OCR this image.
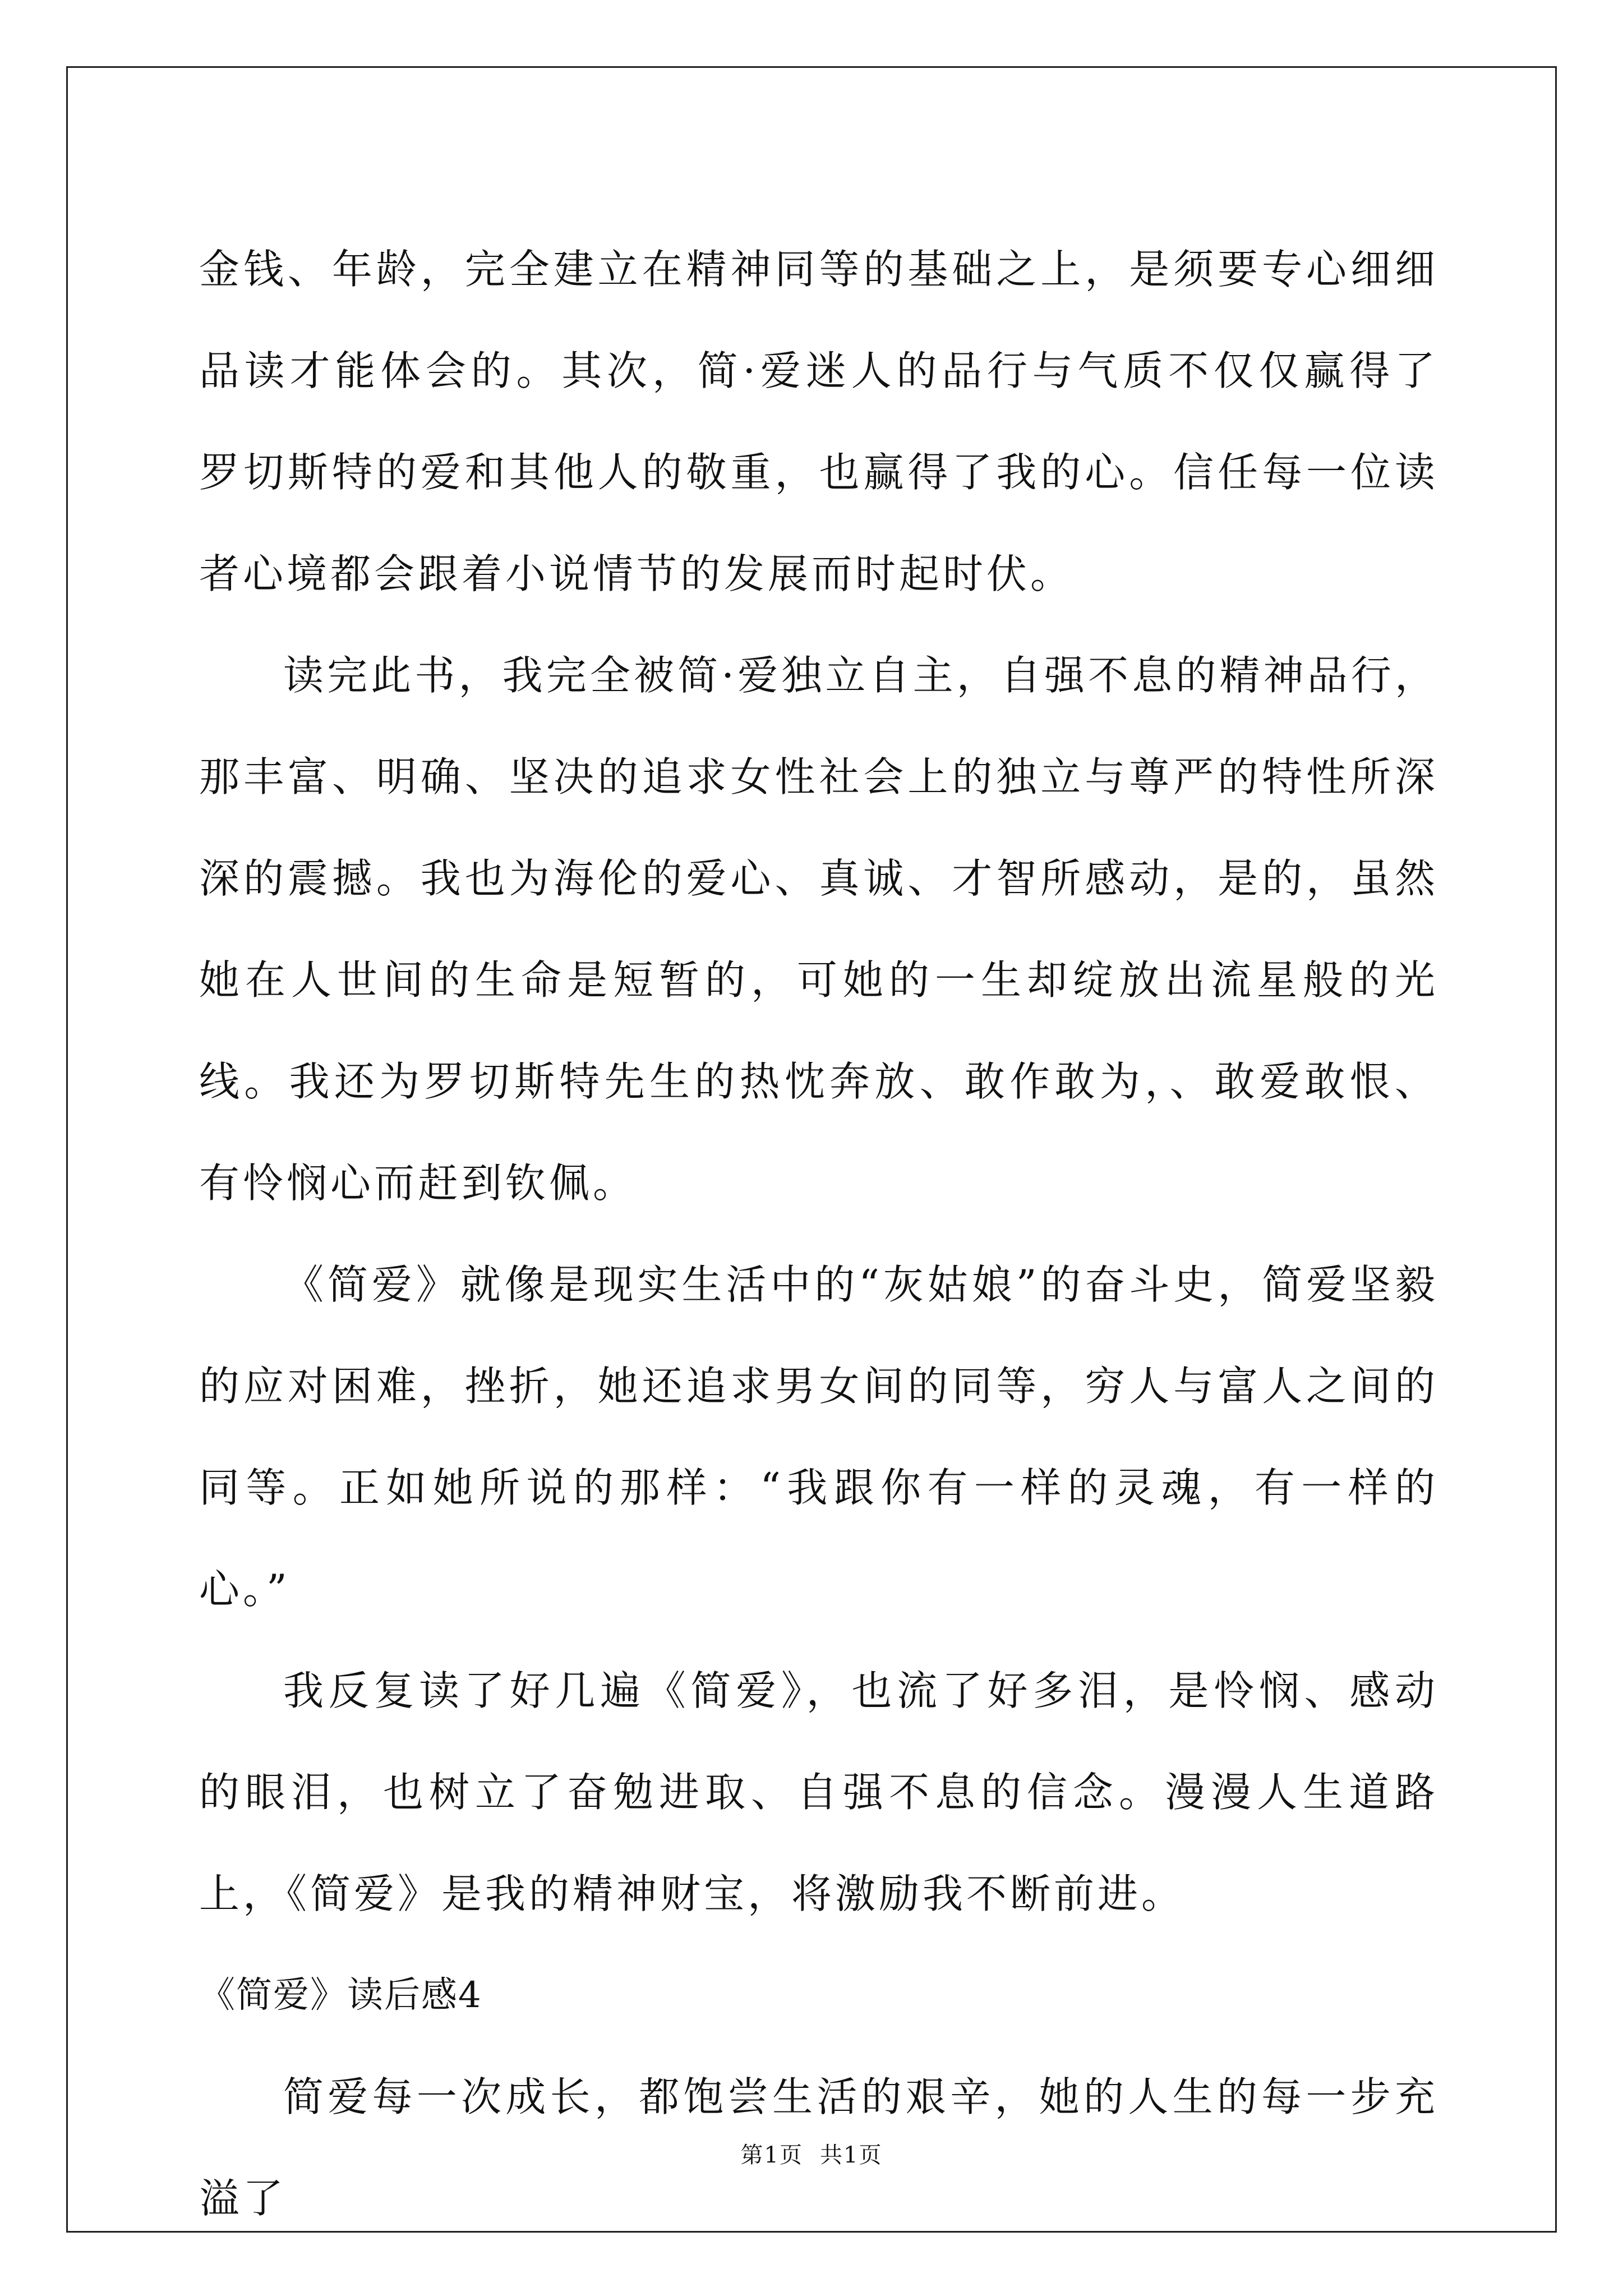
金钱、年龄，完全建立在精神同等的基础之上，是须要专心细细品读才能体会的。其次，简·爱迷人的品行与气质不仅仅赢得了罗切斯特的爱和其他人的敬重，也赢得了我的心。信任每一位读者心境都会跟着小说情节的发展而时起时伏。

读完此书，我完全被简·爱独立自主，自强不息的精神品行，那丰富、明确、坚决的追求女性社会上的独立与尊严的特性所深深的震撼。我也为海伦的爱心、真诚、才智所感动，是的，虽然她在人世间的生命是短暂的，可她的一生却绽放出流星般的光线。我还为罗切斯特先生的热忱奔放、敢作敢为，、敢爱敢恨、有怜悯心而赶到钦佩。

《简爱》就像是现实生活中的“灰姑娘”的奋斗史，简爱坚毅的应对困难，挫折，她还追求男女间的同等，穷人与富人之间的同等。正如她所说的那样：“我跟你有一样的灵魂，有一样的心。”

我反复读了好几遍《简爱》，也流了好多泪，是怜悯、感动的眼泪，也树立了奋勉进取、自强不息的信念。漫漫人生道路上，《简爱》是我的精神财宝，将激励我不断前进。

《简爱》读后感4

简爱每一次成长，都饱尝生活的艰辛，她的人生的每一步充溢了

第1页 共1页
